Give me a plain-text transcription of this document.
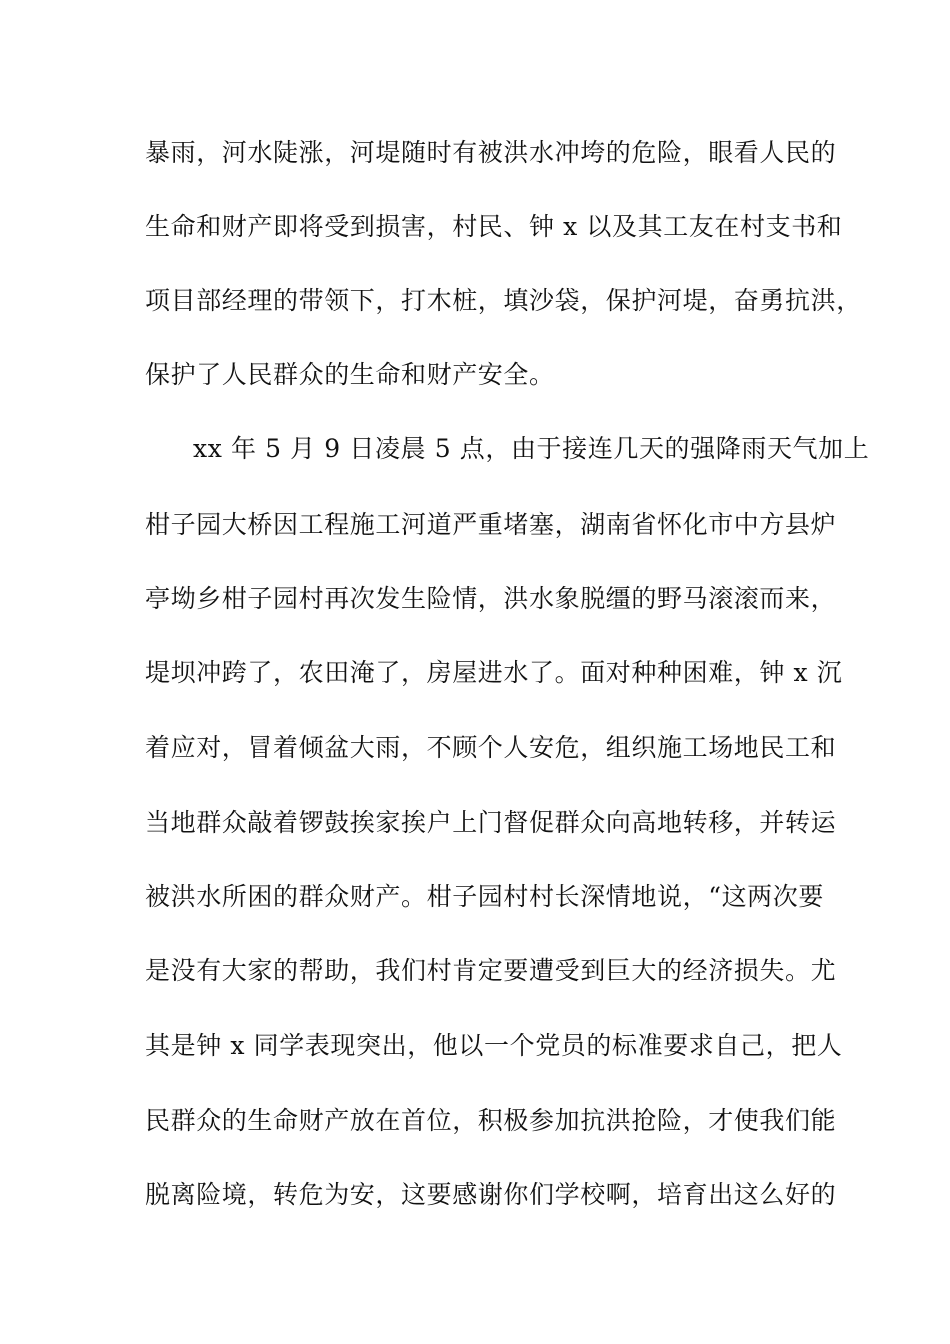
暴雨，河水陡涨，河堤随时有被洪水冲垮的危险，眼看人民的
生命和财产即将受到损害，村民、钟 x 以及其工友在村支书和
项目部经理的带领下，打木桩，填沙袋，保护河堤，奋勇抗洪，
保护了人民群众的生命和财产安全。
xx 年 5 月 9 日凌晨 5 点，由于接连几天的强降雨天气加上
柑子园大桥因工程施工河道严重堵塞，湖南省怀化市中方县炉
亭坳乡柑子园村再次发生险情，洪水象脱缰的野马滚滚而来，
堤坝冲跨了，农田淹了，房屋进水了。面对种种困难，钟 x 沉
着应对，冒着倾盆大雨，不顾个人安危，组织施工场地民工和
当地群众敲着锣鼓挨家挨户上门督促群众向高地转移，并转运
被洪水所困的群众财产。柑子园村村长深情地说，“这两次要
是没有大家的帮助，我们村肯定要遭受到巨大的经济损失。尤
其是钟 x 同学表现突出，他以一个党员的标准要求自己，把人
民群众的生命财产放在首位，积极参加抗洪抢险，才使我们能
脱离险境，转危为安，这要感谢你们学校啊，培育出这么好的
